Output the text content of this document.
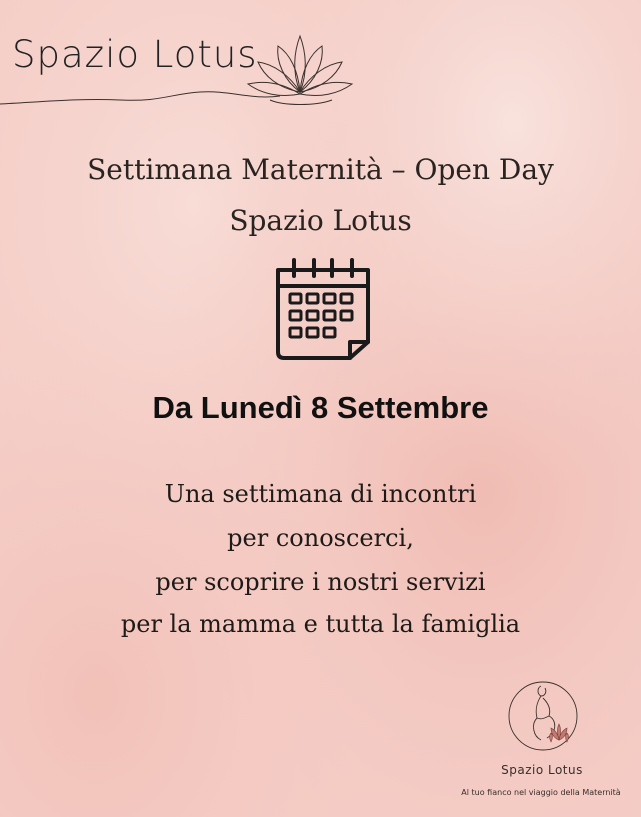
Spazio Lotus
Settimana Maternità – Open Day
Spazio Lotus
Da Lunedì 8 Settembre
Una settimana di incontri
per conoscerci,
per scoprire i nostri servizi
per la mamma e tutta la famiglia
Spazio Lotus
Al tuo fianco nel viaggio della Maternità
